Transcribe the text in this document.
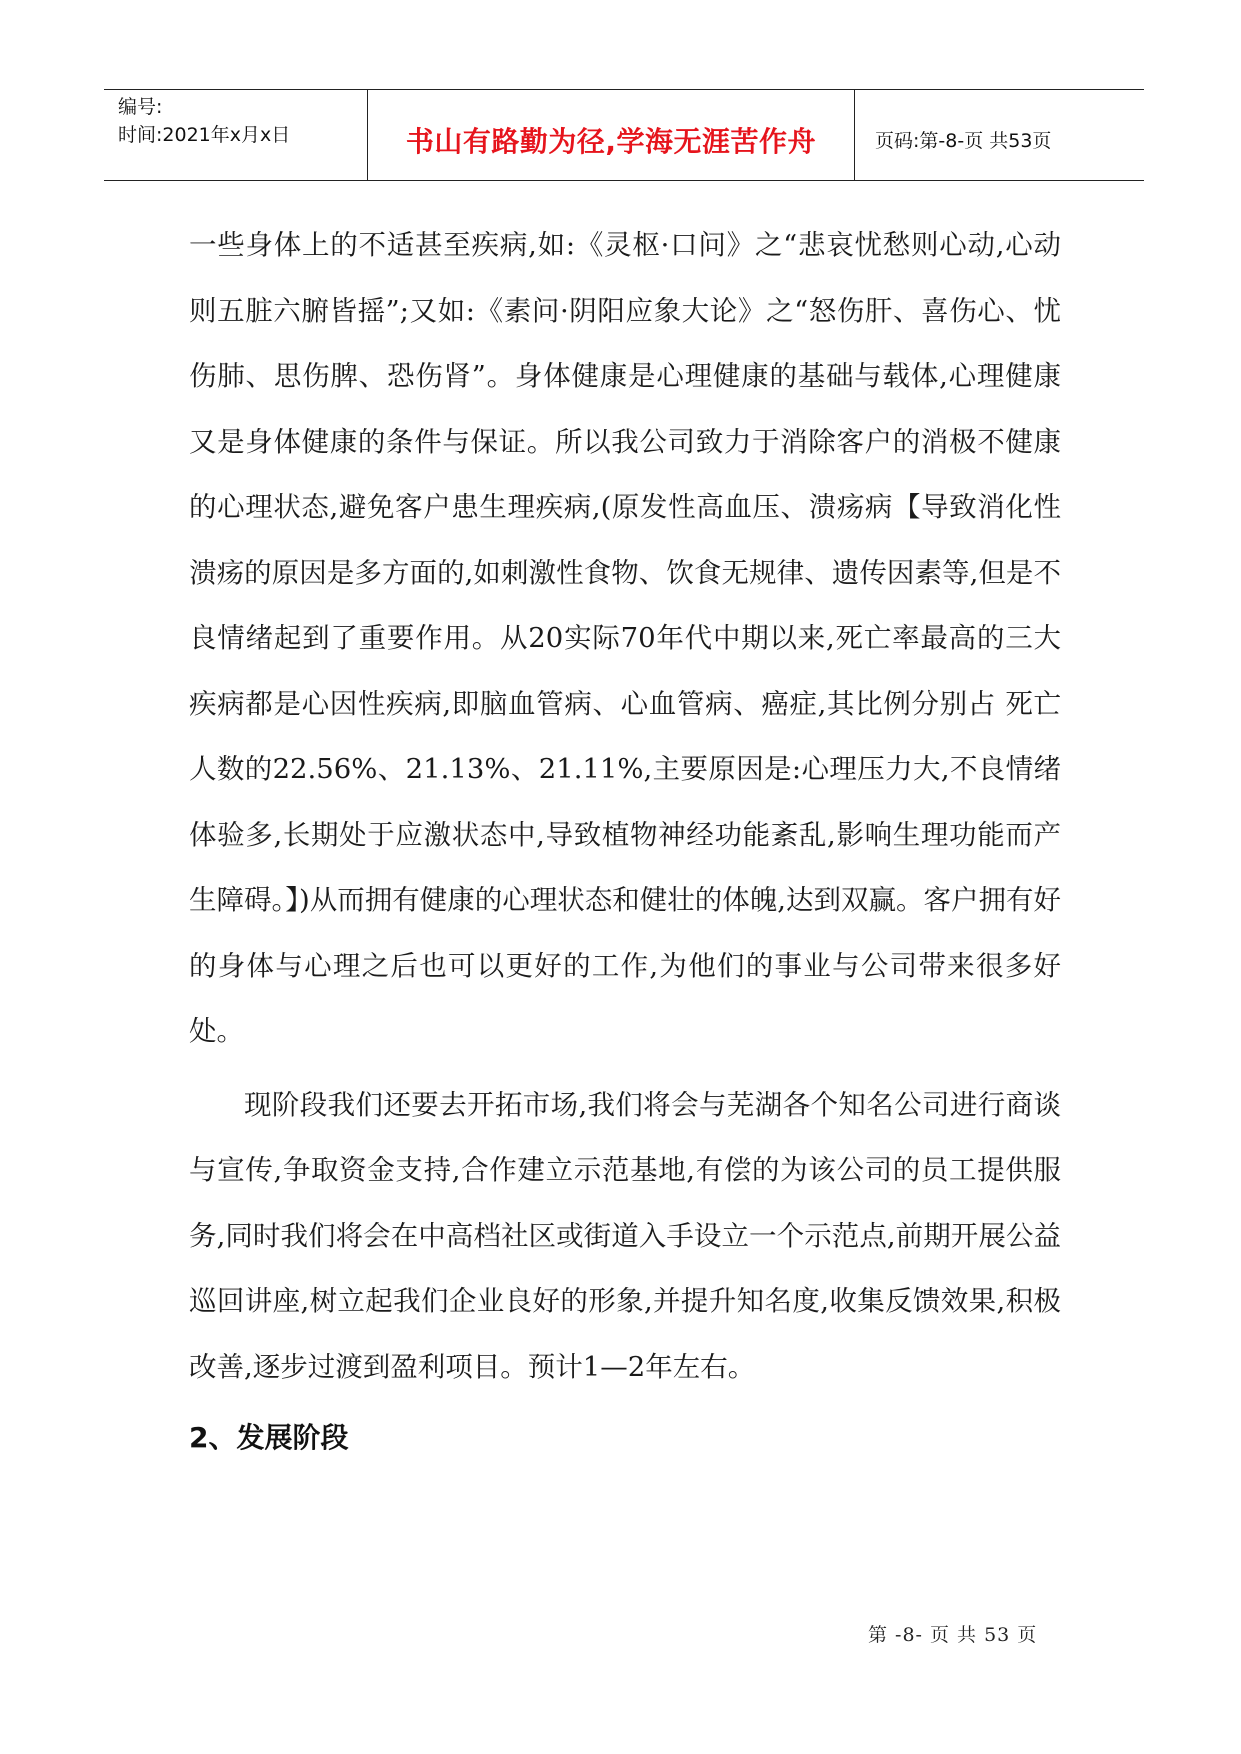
编号:
时间:2021年x月x日	书山有路勤为径,学海无涯苦作舟	页码:第-8-页 共53页

一些身体上的不适甚至疾病,如:《灵枢·口问》之“悲哀忧愁则心动,心动则五脏六腑皆摇”;又如:《素问·阴阳应象大论》之“怒伤肝、喜伤心、忧伤肺、思伤脾、恐伤肾”。身体健康是心理健康的基础与载体,心理健康又是身体健康的条件与保证。所以我公司致力于消除客户的消极不健康的心理状态,避免客户患生理疾病,(原发性高血压、溃疡病【导致消化性溃疡的原因是多方面的,如刺激性食物、饮食无规律、遗传因素等,但是不良情绪起到了重要作用。从20实际70年代中期以来,死亡率最高的三大疾病都是心因性疾病,即脑血管病、心血管病、癌症,其比例分别占 死亡人数的22.56%、21.13%、21.11%,主要原因是:心理压力大,不良情绪体验多,长期处于应激状态中,导致植物神经功能紊乱,影响生理功能而产生障碍。】)从而拥有健康的心理状态和健壮的体魄,达到双赢。客户拥有好的身体与心理之后也可以更好的工作,为他们的事业与公司带来很多好处。

现阶段我们还要去开拓市场,我们将会与芜湖各个知名公司进行商谈与宣传,争取资金支持,合作建立示范基地,有偿的为该公司的员工提供服务,同时我们将会在中高档社区或街道入手设立一个示范点,前期开展公益巡回讲座,树立起我们企业良好的形象,并提升知名度,收集反馈效果,积极改善,逐步过渡到盈利项目。预计1—2年左右。

2、发展阶段
第 -8- 页 共 53 页
